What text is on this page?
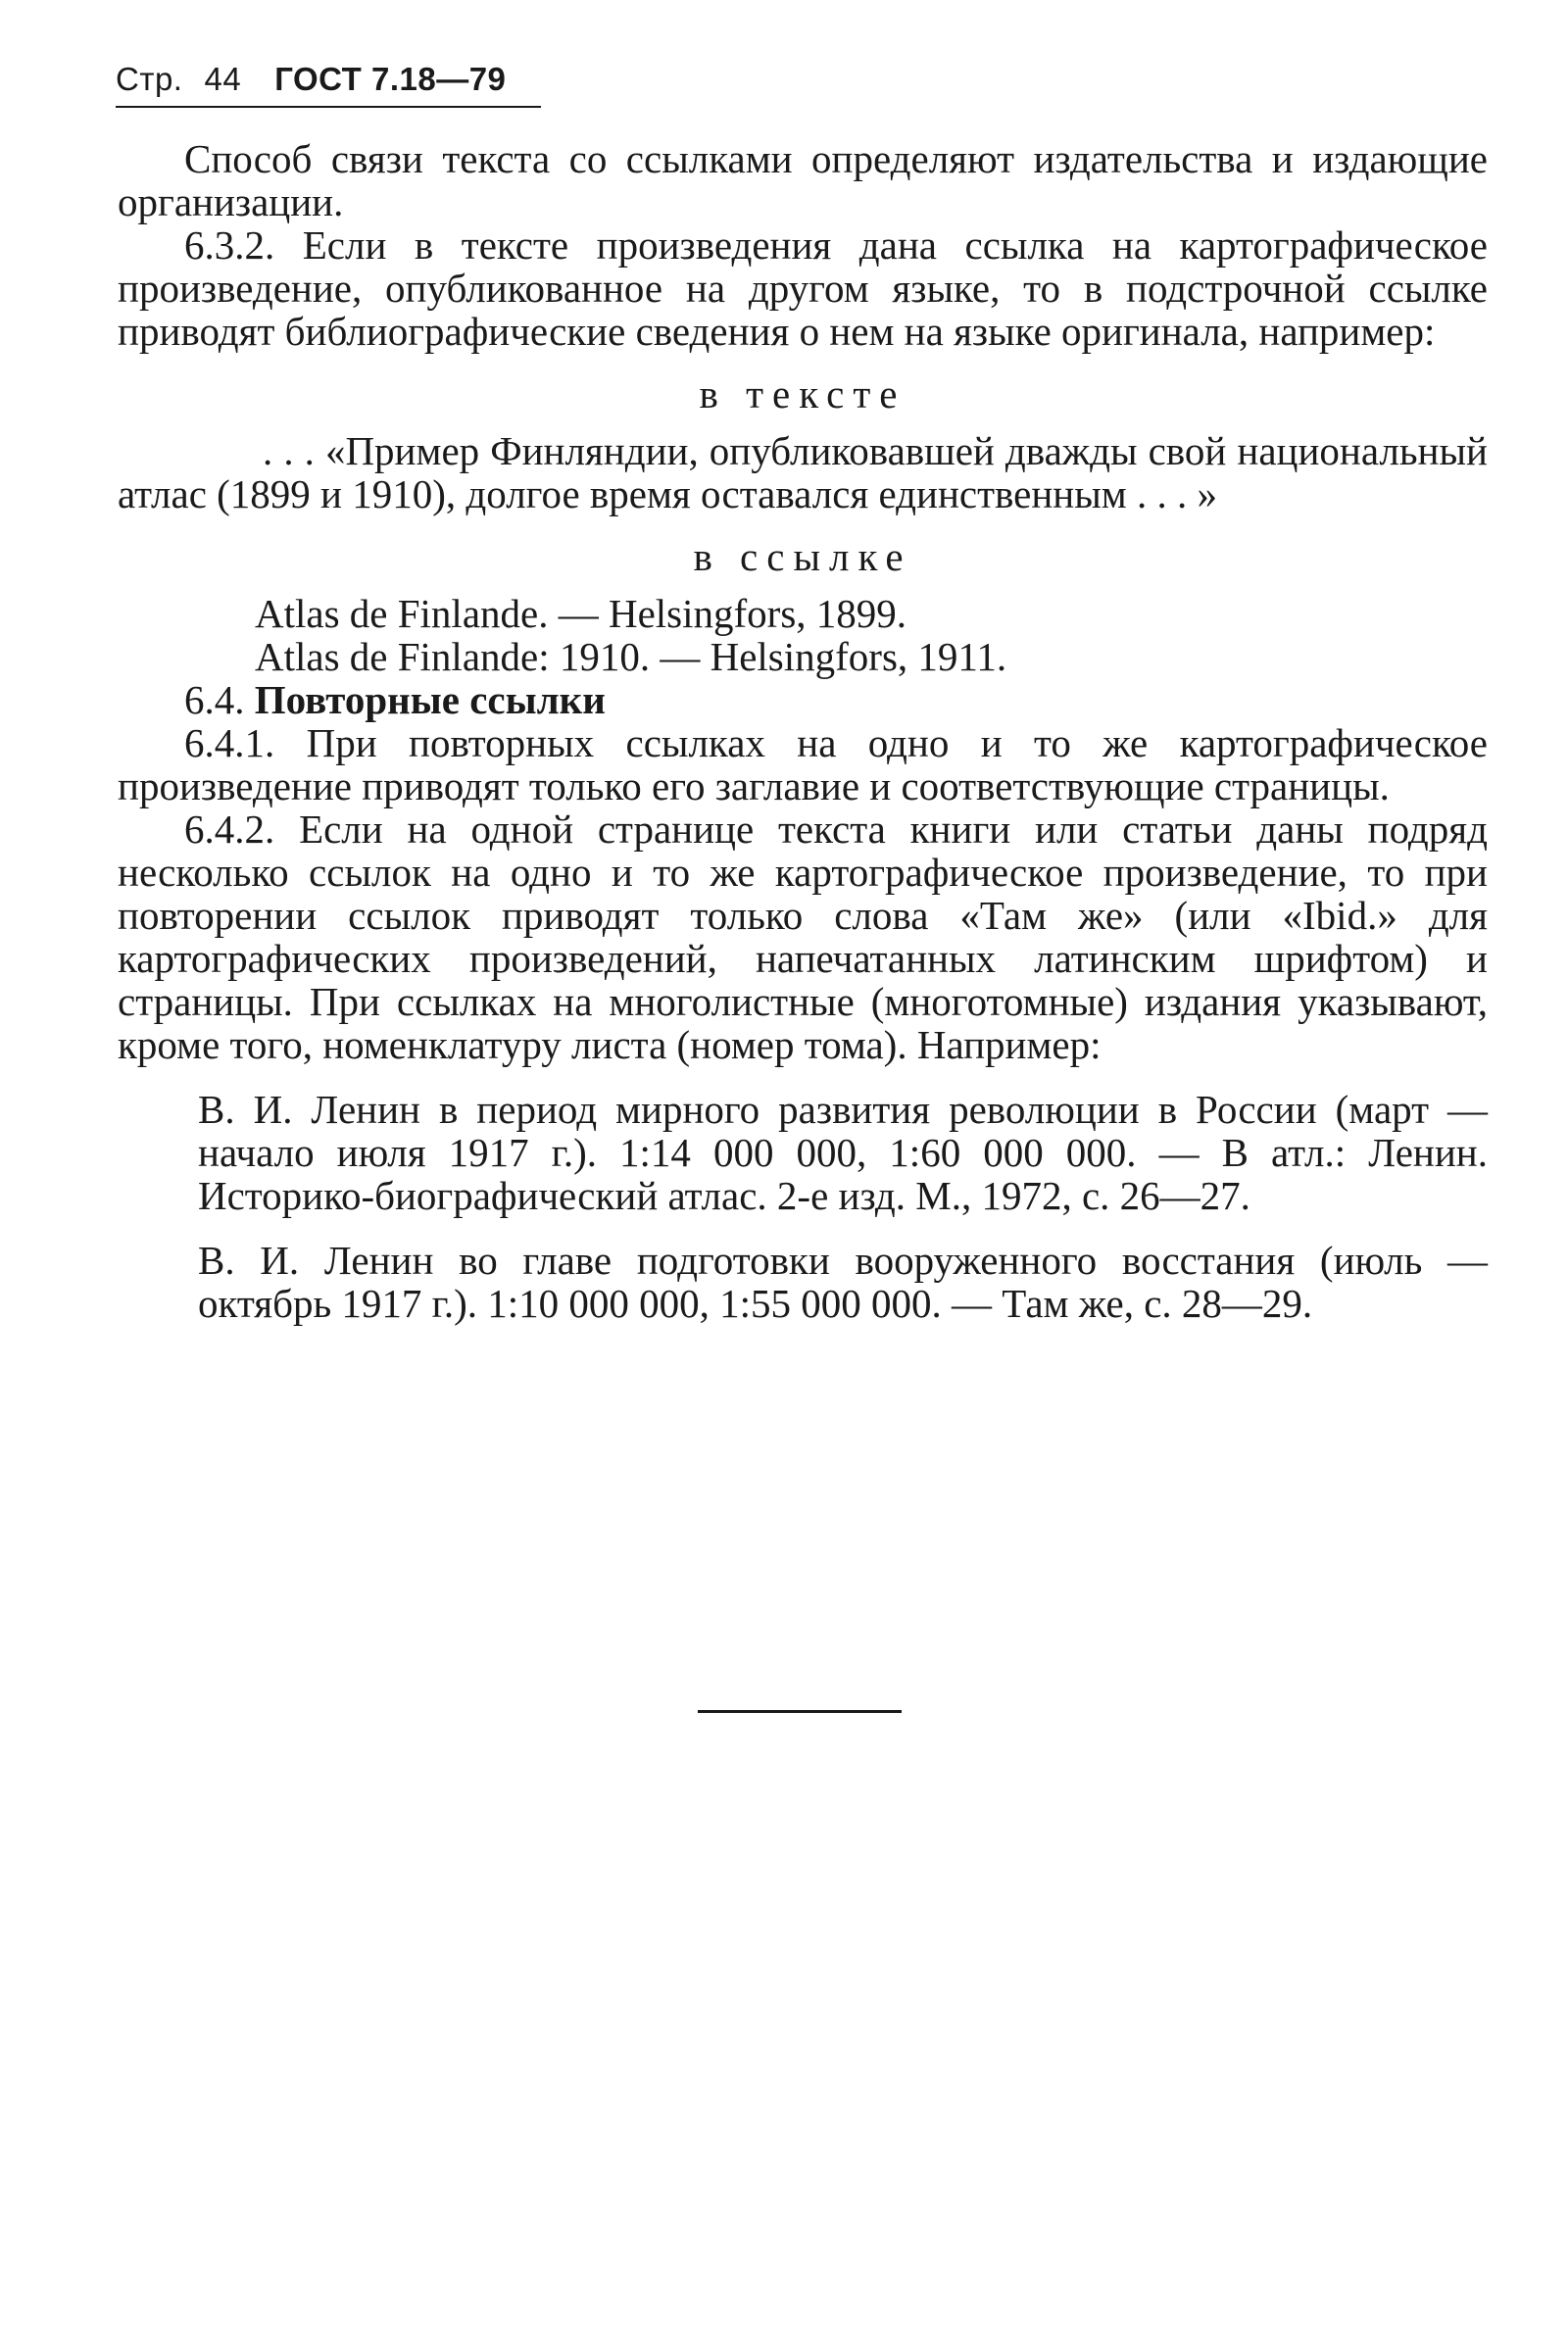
Стр. 44 ГОСТ 7.18—79

Способ связи текста со ссылками определяют издательства и издающие организации.

6.3.2. Если в тексте произведения дана ссылка на картографическое произведение, опубликованное на другом языке, то в подстрочной ссылке приводят библиографические сведения о нем на языке оригинала, например:

в тексте

. . . «Пример Финляндии, опубликовавшей дважды свой национальный атлас (1899 и 1910), долгое время оставался единственным . . . »

в ссылке
Atlas de Finlande. — Helsingfors, 1899.
Atlas de Finlande: 1910. — Helsingfors, 1911.

6.4. Повторные ссылки

6.4.1. При повторных ссылках на одно и то же картографическое произведение приводят только его заглавие и соответствующие страницы.

6.4.2. Если на одной странице текста книги или статьи даны подряд несколько ссылок на одно и то же картографическое произведение, то при повторении ссылок приводят только слова «Там же» (или «Ibid.» для картографических произведений, напечатанных латинским шрифтом) и страницы. При ссылках на многолистные (многотомные) издания указывают, кроме того, номенклатуру листа (номер тома). Например:

В. И. Ленин в период мирного развития революции в России (март — начало июля 1917 г.). 1:14 000 000, 1:60 000 000. — В атл.: Ленин. Историко-биографический атлас. 2-е изд. М., 1972, с. 26—27.

В. И. Ленин во главе подготовки вооруженного восстания (июль — октябрь 1917 г.). 1:10 000 000, 1:55 000 000. — Там же, с. 28—29.
